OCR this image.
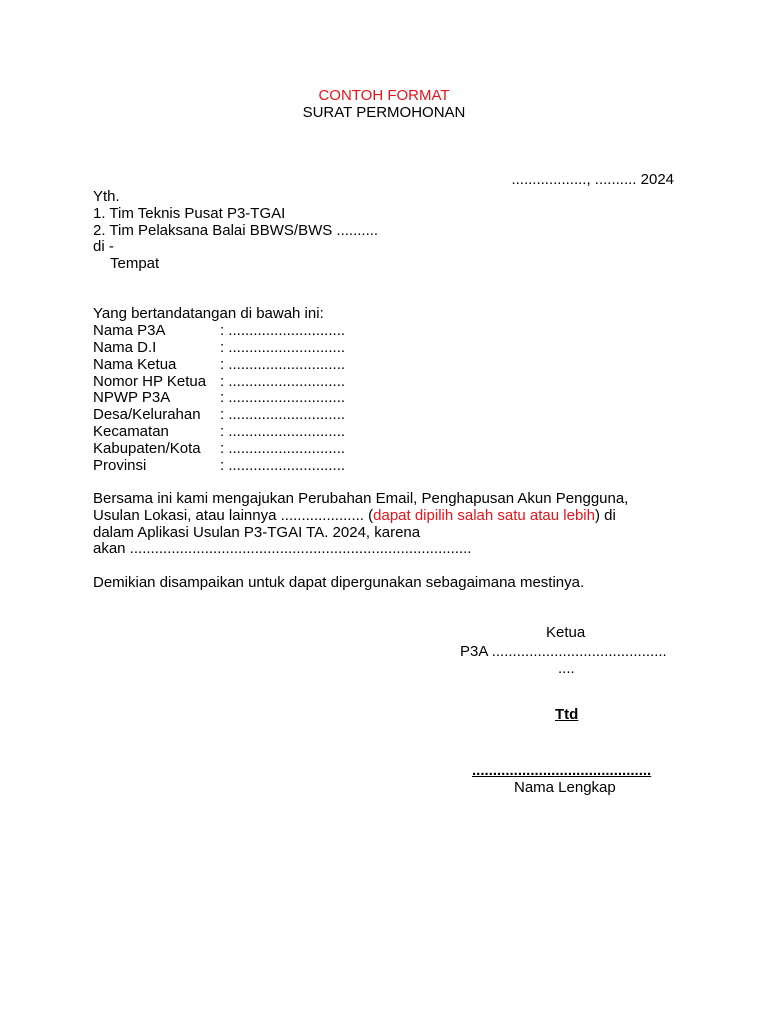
CONTOH FORMAT
SURAT PERMOHONAN
.................., .......... 2024
Yth.
1. Tim Teknis Pusat P3-TGAI
2. Tim Pelaksana Balai BBWS/BWS ..........
di -
Tempat
Yang bertandatangan di bawah ini:
Nama P3A	: ............................
Nama D.I	: ............................
Nama Ketua	: ............................
Nomor HP Ketua : ............................
NPWP P3A	: ............................
Desa/Kelurahan : ............................
Kecamatan	: ............................
Kabupaten/Kota : ............................
Provinsi	: ............................
Bersama ini kami mengajukan Perubahan Email, Penghapusan Akun Pengguna,
Usulan Lokasi, atau lainnya .................... (dapat dipilih salah satu atau lebih) di
dalam Aplikasi Usulan P3-TGAI TA. 2024, karena
akan ..................................................................................
Demikian disampaikan untuk dapat dipergunakan sebagaimana mestinya.
Ketua
P3A ..........................................
....
Ttd
...........................................
Nama Lengkap
